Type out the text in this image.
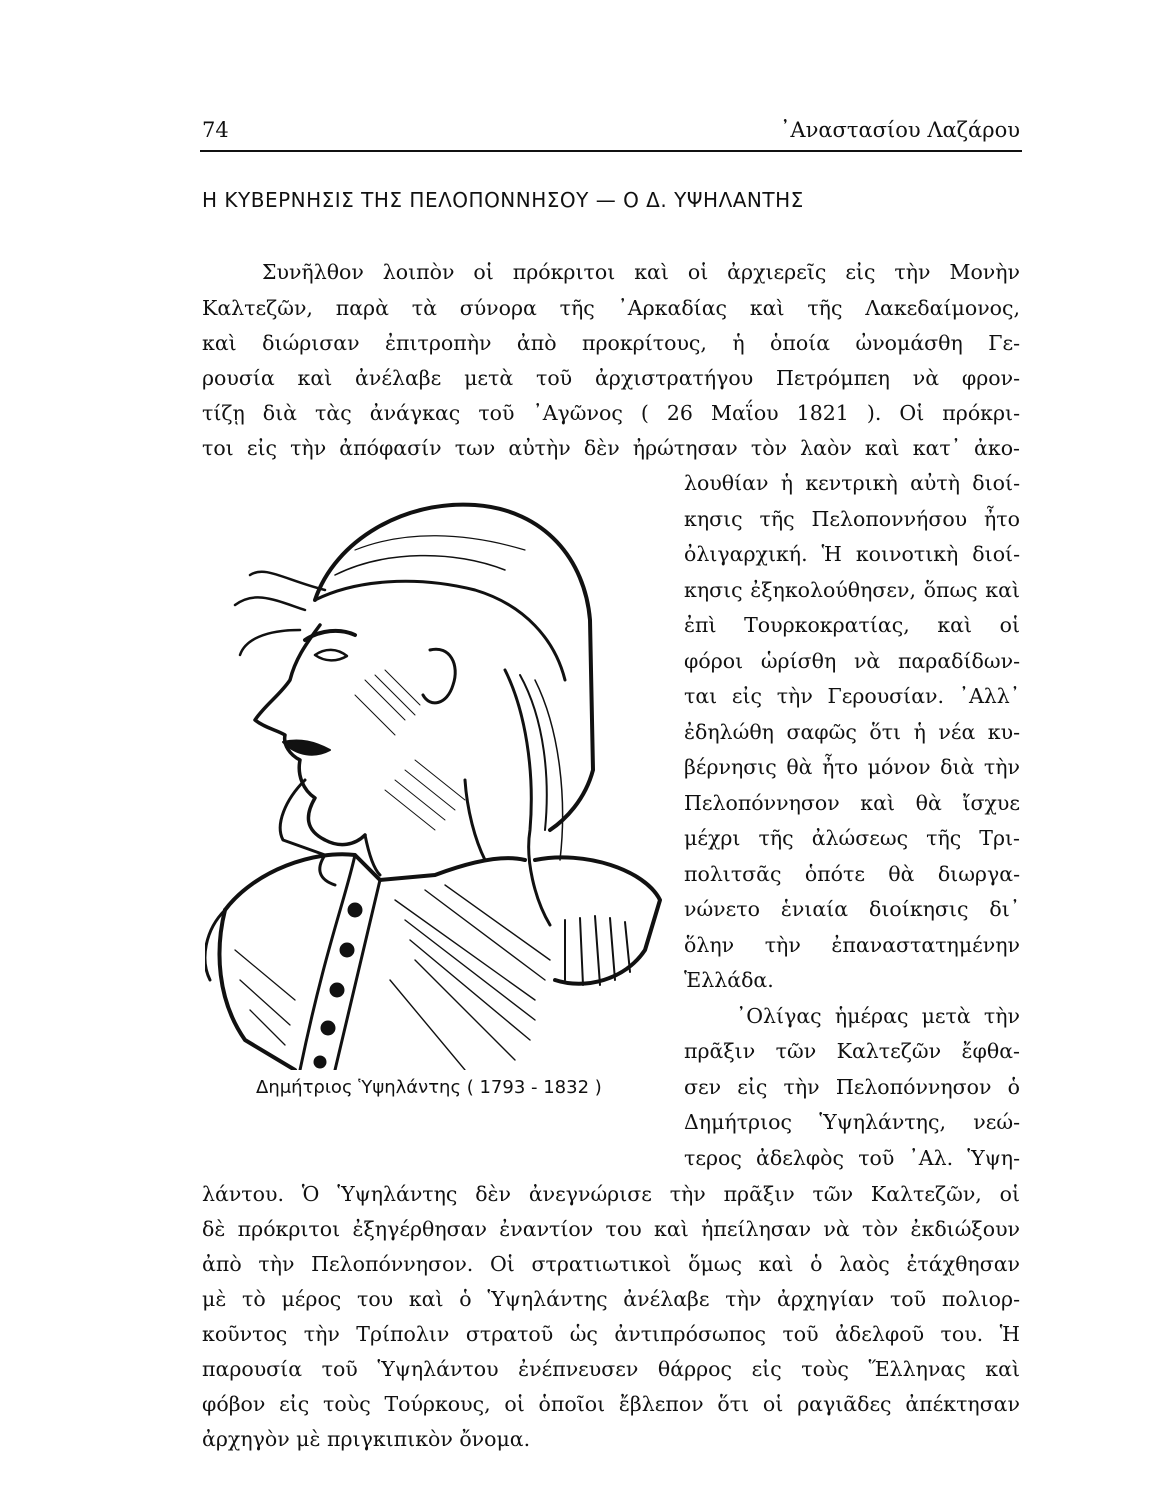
74	᾿Αναστασίου Λαζάρου
Η ΚΥΒΕΡΝΗΣΙΣ ΤΗΣ ΠΕΛΟΠΟΝΝΗΣΟΥ — Ο Δ. ΥΨΗΛΑΝΤΗΣ
Συνῆλθον λοιπὸν οἱ πρόκριτοι καὶ οἱ ἀρχιερεῖς εἰς τὴν Μονὴν
Καλτεζῶν, παρὰ τὰ σύνορα τῆς ᾿Αρκαδίας καὶ τῆς Λακεδαίμονος,
καὶ διώρισαν ἐπιτροπὴν ἀπὸ προκρίτους, ἡ ὁποία ὠνομάσθη Γε-
ρουσία καὶ ἀνέλαβε μετὰ τοῦ ἀρχιστρατήγου Πετρόμπεη νὰ φρον-
τίζῃ διὰ τὰς ἀνάγκας τοῦ ᾿Αγῶνος ( 26 Μαΐου 1821 ). Οἱ πρόκρι-
τοι εἰς τὴν ἀπόφασίν των αὐτὴν δὲν ἠρώτησαν τὸν λαὸν καὶ κατ᾿ ἀκο-
λουθίαν ἡ κεντρικὴ αὐτὴ διοί-
κησις τῆς Πελοποννήσου ἦτο
ὀλιγαρχική. Ἡ κοινοτικὴ διοί-
κησις ἐξηκολούθησεν, ὅπως καὶ
ἐπὶ Τουρκοκρατίας, καὶ οἱ
φόροι ὡρίσθη νὰ παραδίδων-
ται εἰς τὴν Γερουσίαν. ᾿Αλλ᾿
ἐδηλώθη σαφῶς ὅτι ἡ νέα κυ-
βέρνησις θὰ ἦτο μόνον διὰ τὴν
Πελοπόννησον καὶ θὰ ἴσχυε
μέχρι τῆς ἀλώσεως τῆς Τρι-
πολιτσᾶς ὁπότε θὰ διωργα-
νώνετο ἑνιαία διοίκησις δι᾿
ὅλην τὴν ἐπαναστατημένην
Ἑλλάδα.
᾿Ολίγας ἡμέρας μετὰ τὴν
πρᾶξιν τῶν Καλτεζῶν ἔφθα-
σεν εἰς τὴν Πελοπόννησον ὁ
Δημήτριος Ὑψηλάντης, νεώ-
τερος ἀδελφὸς τοῦ ᾿Αλ. Ὑψη-
Δημήτριος Ὑψηλάντης ( 1793 - 1832 )
λάντου. Ὁ Ὑψηλάντης δὲν ἀνεγνώρισε τὴν πρᾶξιν τῶν Καλτεζῶν, οἱ
δὲ πρόκριτοι ἐξηγέρθησαν ἐναντίον του καὶ ἠπείλησαν νὰ τὸν ἐκδιώξουν
ἀπὸ τὴν Πελοπόννησον. Οἱ στρατιωτικοὶ ὅμως καὶ ὁ λαὸς ἐτάχθησαν
μὲ τὸ μέρος του καὶ ὁ Ὑψηλάντης ἀνέλαβε τὴν ἀρχηγίαν τοῦ πολιορ-
κοῦντος τὴν Τρίπολιν στρατοῦ ὡς ἀντιπρόσωπος τοῦ ἀδελφοῦ του. Ἡ
παρουσία τοῦ Ὑψηλάντου ἐνέπνευσεν θάρρος εἰς τοὺς Ἕλληνας καὶ
φόβον εἰς τοὺς Τούρκους, οἱ ὁποῖοι ἔβλεπον ὅτι οἱ ραγιᾶδες ἀπέκτησαν
ἀρχηγὸν μὲ πριγκιπικὸν ὄνομα.
